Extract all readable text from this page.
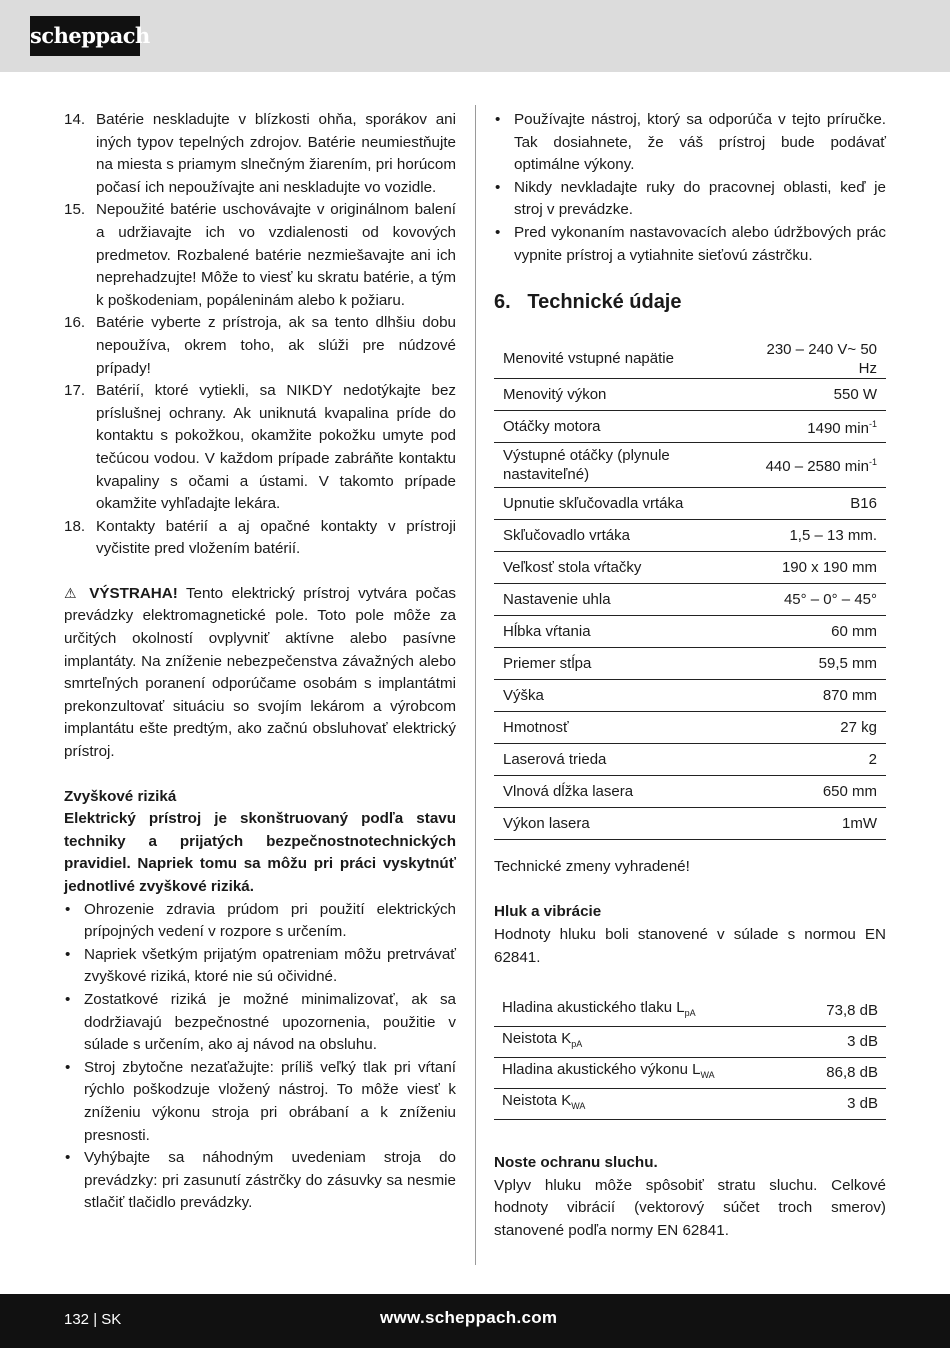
scheppach
14. Batérie neskladujte v blízkosti ohňa, sporákov ani iných typov tepelných zdrojov. Batérie neumiestňujte na miesta s priamym slnečným žiarením, pri horúcom počasí ich nepoužívajte ani neskladujte vo vozidle.
15. Nepoužité batérie uschovávajte v originálnom balení a udržiavajte ich vo vzdialenosti od kovových predmetov. Rozbalené batérie nezmiešavajte ani ich neprehadzujte! Môže to viesť ku skratu batérie, a tým k poškodeniam, popáleninám alebo k požiaru.
16. Batérie vyberte z prístroja, ak sa tento dlhšiu dobu nepoužíva, okrem toho, ak slúži pre núdzové prípady!
17. Batérií, ktoré vytiekli, sa NIKDY nedotýkajte bez príslušnej ochrany. Ak uniknutá kvapalina príde do kontaktu s pokožkou, okamžite pokožku umyte pod tečúcou vodou. V každom prípade zabráňte kontaktu kvapaliny s očami a ústami. V takomto prípade okamžite vyhľadajte lekára.
18. Kontakty batérií a aj opačné kontakty v prístroji vyčistite pred vložením batérií.

⚠ VÝSTRAHA! Tento elektrický prístroj vytvára počas prevádzky elektromagnetické pole. Toto pole môže za určitých okolností ovplyvniť aktívne alebo pasívne implantáty. Na zníženie nebezpečenstva závažných alebo smrteľných poranení odporúčame osobám s implantátmi prekonzultovať situáciu so svojím lekárom a výrobcom implantátu ešte predtým, ako začnú obsluhovať elektrický prístroj.

Zvyškové riziká

Elektrický prístroj je skonštruovaný podľa stavu techniky a prijatých bezpečnostnotechnických pravidiel. Napriek tomu sa môžu pri práci vyskytnúť jednotlivé zvyškové riziká.

• Ohrozenie zdravia prúdom pri použití elektrických prípojných vedení v rozpore s určením.
• Napriek všetkým prijatým opatreniam môžu pretrvávať zvyškové riziká, ktoré nie sú očividné.
• Zostatkové riziká je možné minimalizovať, ak sa dodržiavajú bezpečnostné upozornenia, použitie v súlade s určením, ako aj návod na obsluhu.
• Stroj zbytočne nezaťažujte: príliš veľký tlak pri vŕtaní rýchlo poškodzuje vložený nástroj. To môže viesť k zníženiu výkonu stroja pri obrábaní a k zníženiu presnosti.
• Vyhýbajte sa náhodným uvedeniam stroja do prevádzky: pri zasunutí zástrčky do zásuvky sa nesmie stlačiť tlačidlo prevádzky.
• Používajte nástroj, ktorý sa odporúča v tejto príručke. Tak dosiahnete, že váš prístroj bude podávať optimálne výkony.
• Nikdy nevkladajte ruky do pracovnej oblasti, keď je stroj v prevádzke.
• Pred vykonaním nastavovacích alebo údržbových prác vypnite prístroj a vytiahnite sieťovú zástrčku.
6. Technické údaje
Menovité vstupné napätie	230 – 240 V~ 50 Hz
Menovitý výkon	550 W
Otáčky motora	1490 $\min^{-1}$
Výstupné otáčky (plynule nastaviteľné)	440 – 2580 $\min^{-1}$
Upnutie skľučovadla vrtáka	B16
Skľučovadlo vrtáka	1,5 – 13 mm.
Veľkosť stola vŕtačky	190 x 190 mm
Nastavenie uhla	45° – 0° – 45°
Hĺbka vŕtania	60 mm
Priemer stĺpa	59,5 mm
Výška	870 mm
Hmotnosť	27 kg
Laserová trieda	2
Vlnová dĺžka lasera	650 mm
Výkon lasera	1mW

Technické zmeny vyhradené!

Hluk a vibrácie

Hodnoty hluku boli stanovené v súlade s normou EN 62841.

Hladina akustického tlaku $L_{pA}$	73,8 dB
Neistota $K_{pA}$	3 dB
Hladina akustického výkonu $L_{WA}$	86,8 dB
Neistota $K_{WA}$	3 dB

Noste ochranu sluchu.

Vplyv hluku môže spôsobiť stratu sluchu. Celkové hodnoty vibrácií (vektorový súčet troch smerov) stanovené podľa normy EN 62841.

132 | SK	www.scheppach.com
